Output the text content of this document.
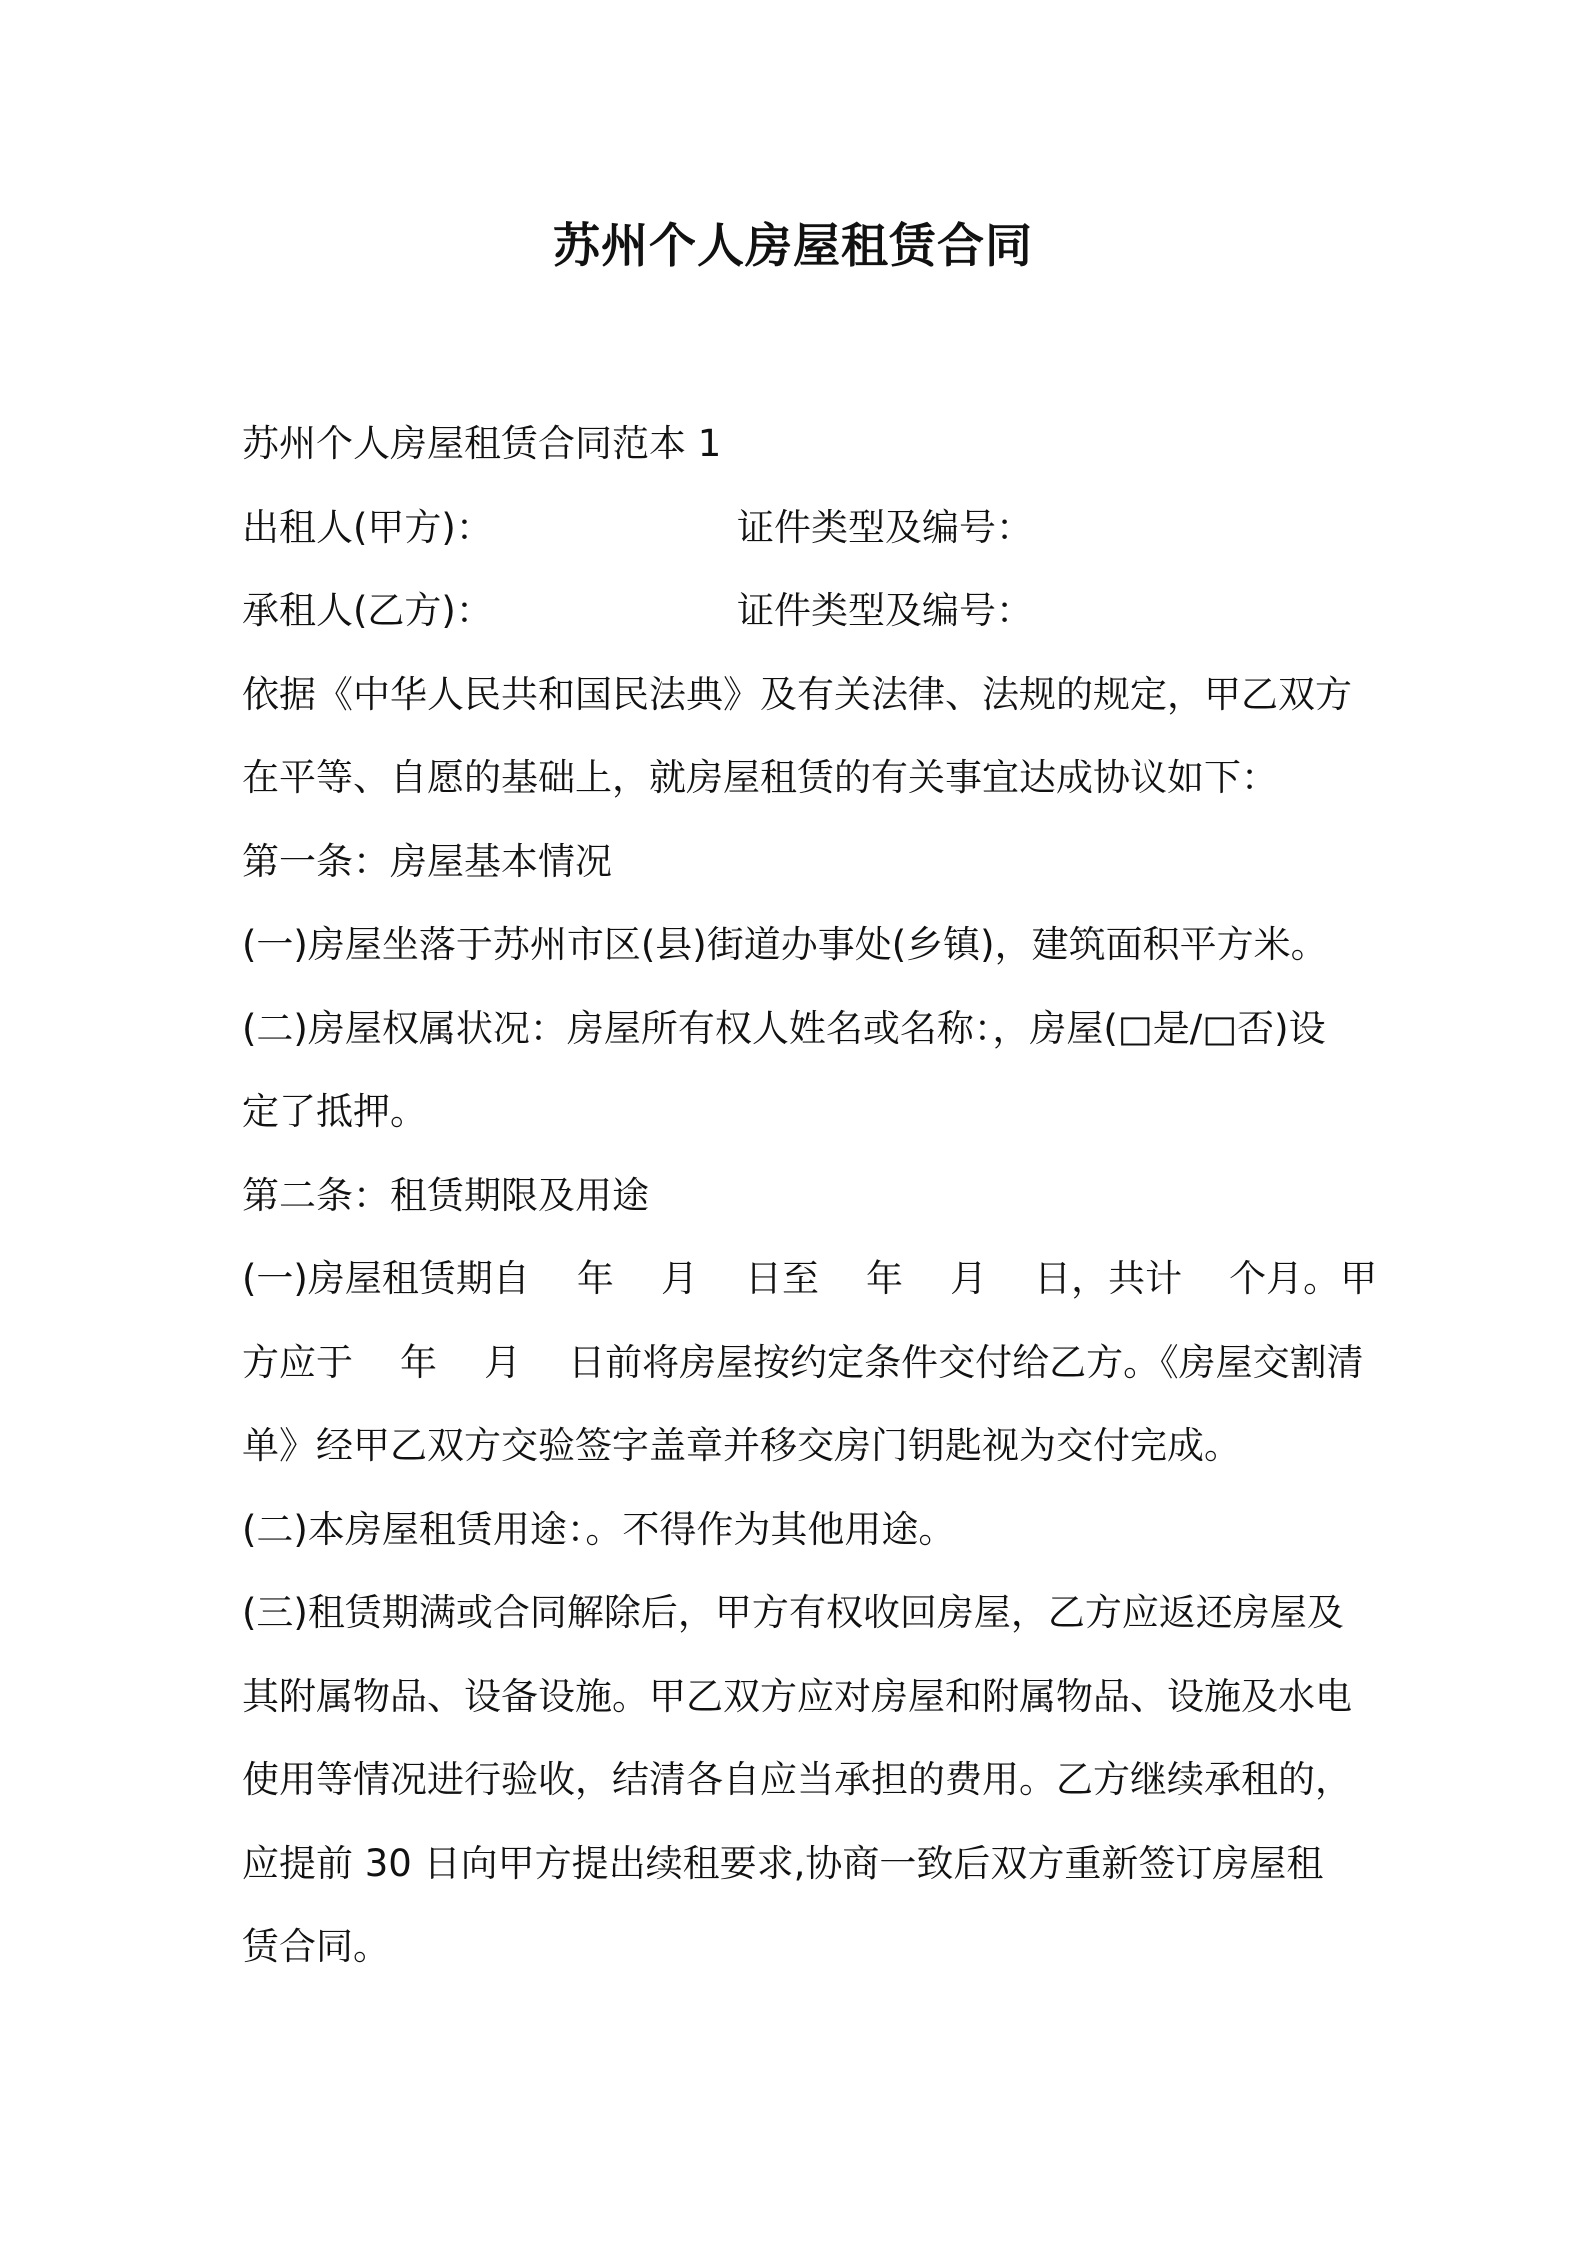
苏州个人房屋租赁合同
苏州个人房屋租赁合同范本 1
出租人(甲方)：	证件类型及编号：
承租人(乙方)：	证件类型及编号：
依据《中华人民共和国民法典》及有关法律、法规的规定，甲乙双方
在平等、自愿的基础上，就房屋租赁的有关事宜达成协议如下：
第一条：房屋基本情况
(一)房屋坐落于苏州市区(县)街道办事处(乡镇)，建筑面积平方米。
(二)房屋权属状况：房屋所有权人姓名或名称：，房屋(□是/□否)设
定了抵押。
第二条：租赁期限及用途
(一)房屋租赁期自    年    月    日至    年    月    日，共计    个月。甲
方应于    年    月    日前将房屋按约定条件交付给乙方。《房屋交割清
单》经甲乙双方交验签字盖章并移交房门钥匙视为交付完成。
(二)本房屋租赁用途：。不得作为其他用途。
(三)租赁期满或合同解除后，甲方有权收回房屋，乙方应返还房屋及
其附属物品、设备设施。甲乙双方应对房屋和附属物品、设施及水电
使用等情况进行验收，结清各自应当承担的费用。乙方继续承租的，
应提前 30 日向甲方提出续租要求,协商一致后双方重新签订房屋租
赁合同。
